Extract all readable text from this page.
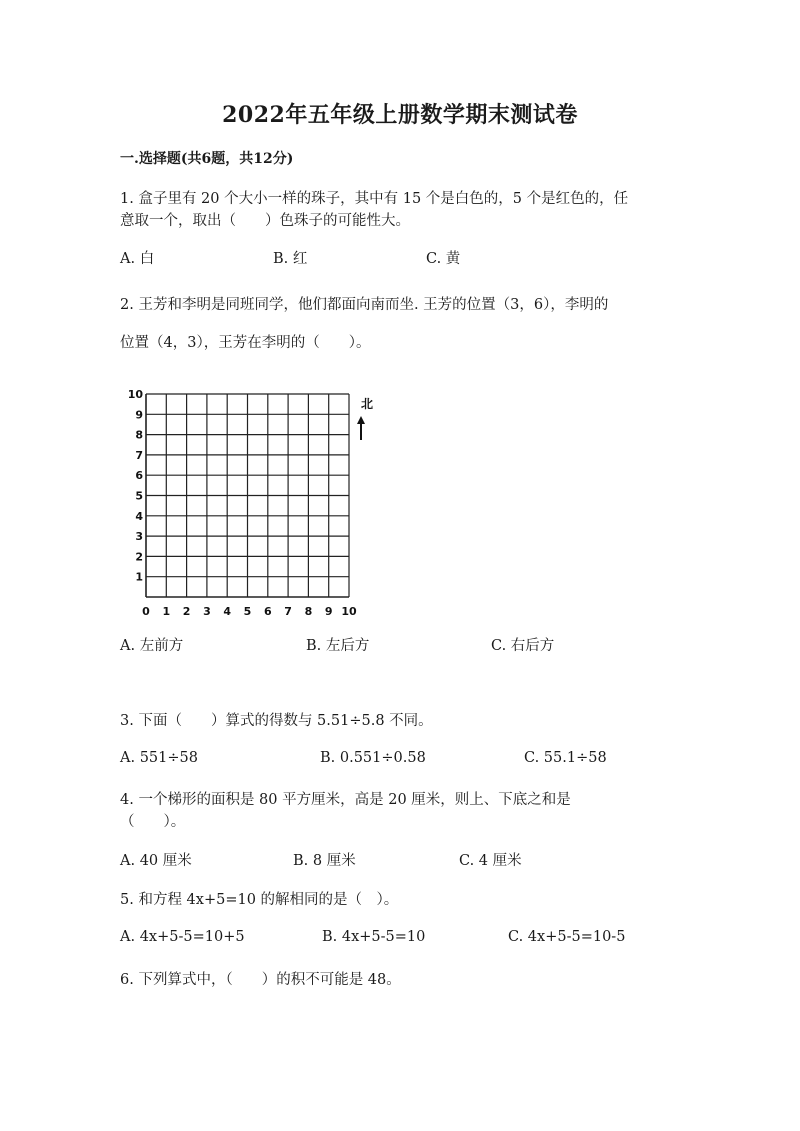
2022年五年级上册数学期末测试卷
一.选择题(共6题，共12分)
1. 盒子里有 20 个大小一样的珠子，其中有 15 个是白色的，5 个是红色的，任
意取一个，取出（　　）色珠子的可能性大。
A. 白	B. 红	C. 黄
2. 王芳和李明是同班同学，他们都面向南而坐. 王芳的位置（3，6），李明的
位置（4，3），王芳在李明的（　　）。
0 1 2 3 4 5 6 7 8 9 10
1
2
3
4
5
6
7
8
9
10
北
A. 左前方	B. 左后方	C. 右后方
3. 下面（　　）算式的得数与 5.51÷5.8 不同。
A. 551÷58	B. 0.551÷0.58	C. 55.1÷58
4. 一个梯形的面积是 80 平方厘米，高是 20 厘米，则上、下底之和是
（　　）。
A. 40 厘米	B. 8 厘米	C. 4 厘米
5. 和方程 4x+5=10 的解相同的是（　）。
A. 4x+5-5=10+5	B. 4x+5-5=10	C. 4x+5-5=10-5
6. 下列算式中，（　　）的积不可能是 48。
